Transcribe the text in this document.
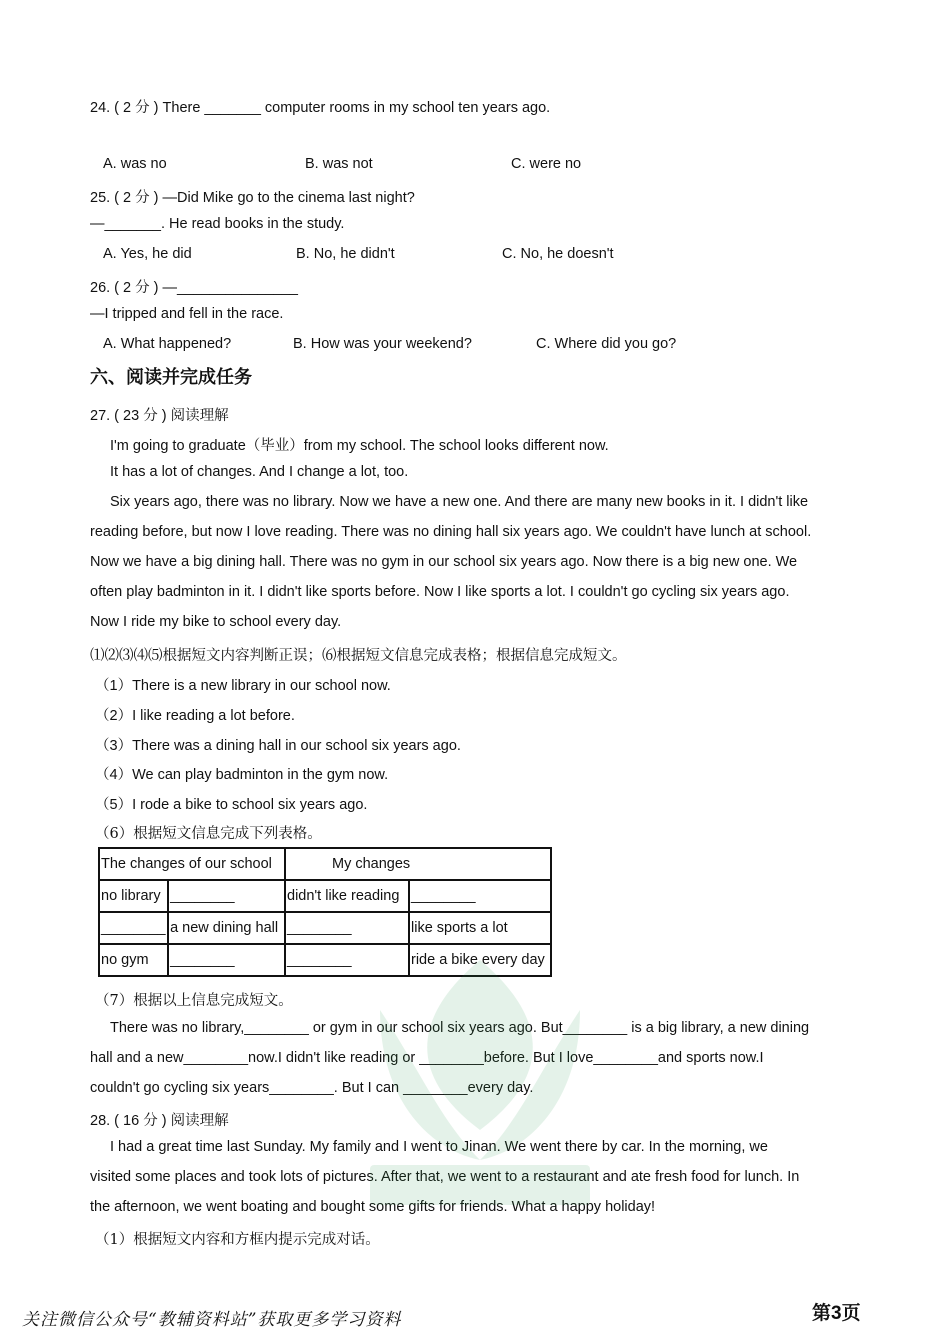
24. ( 2 分 ) There _______ computer rooms in my school ten years ago.
A. was no	B. was not	C. were no
25. ( 2 分 ) —Did Mike go to the cinema last night?
—_______. He read books in the study.
A. Yes, he did	B. No, he didn't	C. No, he doesn't
26. ( 2 分 ) —_______________
—I tripped and fell in the race.
A. What happened?	B. How was your weekend?	C. Where did you go?
六、阅读并完成任务
27. ( 23 分 ) 阅读理解
I'm going to graduate（毕业）from my school. The school looks different now.
It has a lot of changes. And I change a lot, too.
Six years ago, there was no library. Now we have a new one. And there are many new books in it. I didn't like
reading before, but now I love reading. There was no dining hall six years ago. We couldn't have lunch at school.
Now we have a big dining hall. There was no gym in our school six years ago. Now there is a big new one. We
often play badminton in it. I didn't like sports before. Now I like sports a lot. I couldn't go cycling six years ago.
Now I ride my bike to school every day.
⑴⑵⑶⑷⑸根据短文内容判断正误；⑹根据短文信息完成表格；根据信息完成短文。
（1）There is a new library in our school now.
（2）I like reading a lot before.
（3）There was a dining hall in our school six years ago.
（4）We can play badminton in the gym now.
（5）I rode a bike to school six years ago.
（6）根据短文信息完成下列表格。
The changes of our school		My changes	
no library	________	didn't like reading	________
________	a new dining hall	________	like sports a lot
no gym	________	________	ride a bike every day
（7）根据以上信息完成短文。
There was no library,________ or gym in our school six years ago. But________ is a big library, a new dining
hall and a new________now.I didn't like reading or ________before. But I love________and sports now.I
couldn't go cycling six years________. But I can ________every day.
28. ( 16 分 ) 阅读理解
I had a great time last Sunday. My family and I went to Jinan. We went there by car. In the morning, we
visited some places and took lots of pictures. After that, we went to a restaurant and ate fresh food for lunch. In
the afternoon, we went boating and bought some gifts for friends. What a happy holiday!
（1）根据短文内容和方框内提示完成对话。
关注微信公众号“教辅资料站”获取更多学习资料	第3页
